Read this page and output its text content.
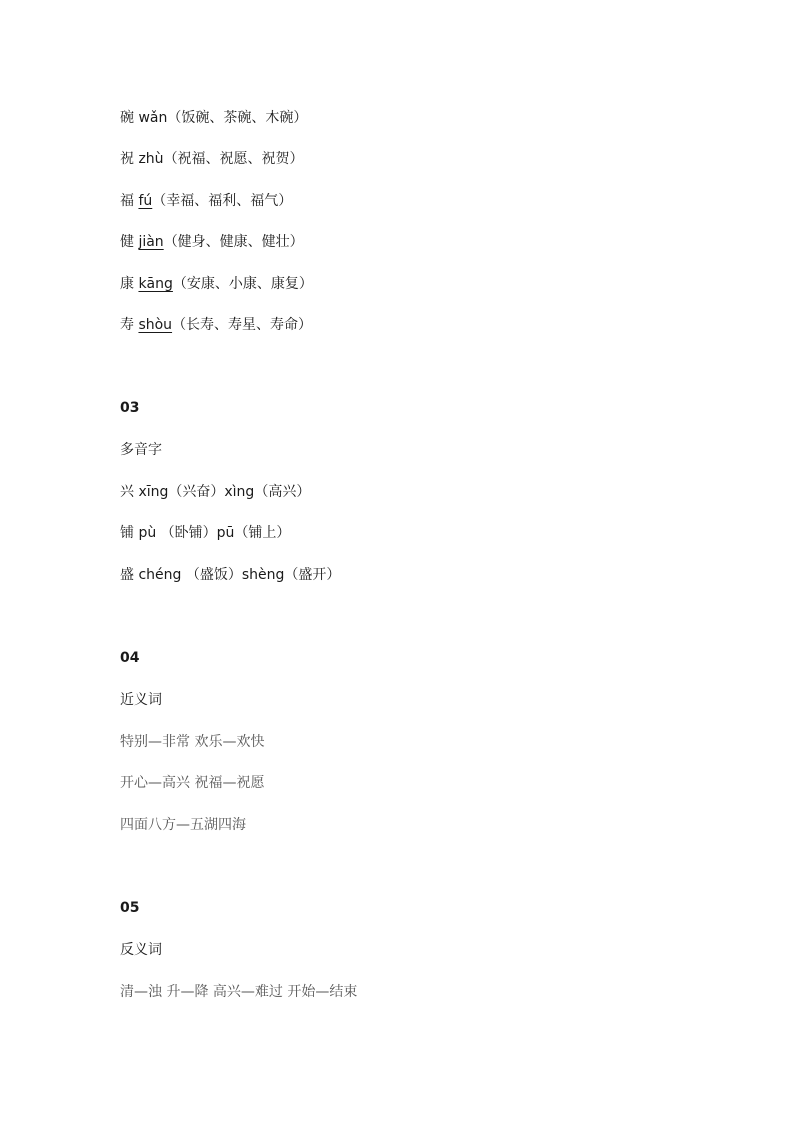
碗 wǎn（饭碗、茶碗、木碗）
祝 zhù（祝福、祝愿、祝贺）
福 fú（幸福、福利、福气）
健 jiàn（健身、健康、健壮）
康 kāng（安康、小康、康复）
寿 shòu（长寿、寿星、寿命）
03
多音字
兴 xīng（兴奋）xìng（高兴）
铺 pù （卧铺）pū（铺上）
盛 chéng （盛饭）shèng（盛开）
04
近义词
特别—非常 欢乐—欢快
开心—高兴 祝福—祝愿
四面八方—五湖四海
05
反义词
清—浊 升—降 高兴—难过 开始—结束
